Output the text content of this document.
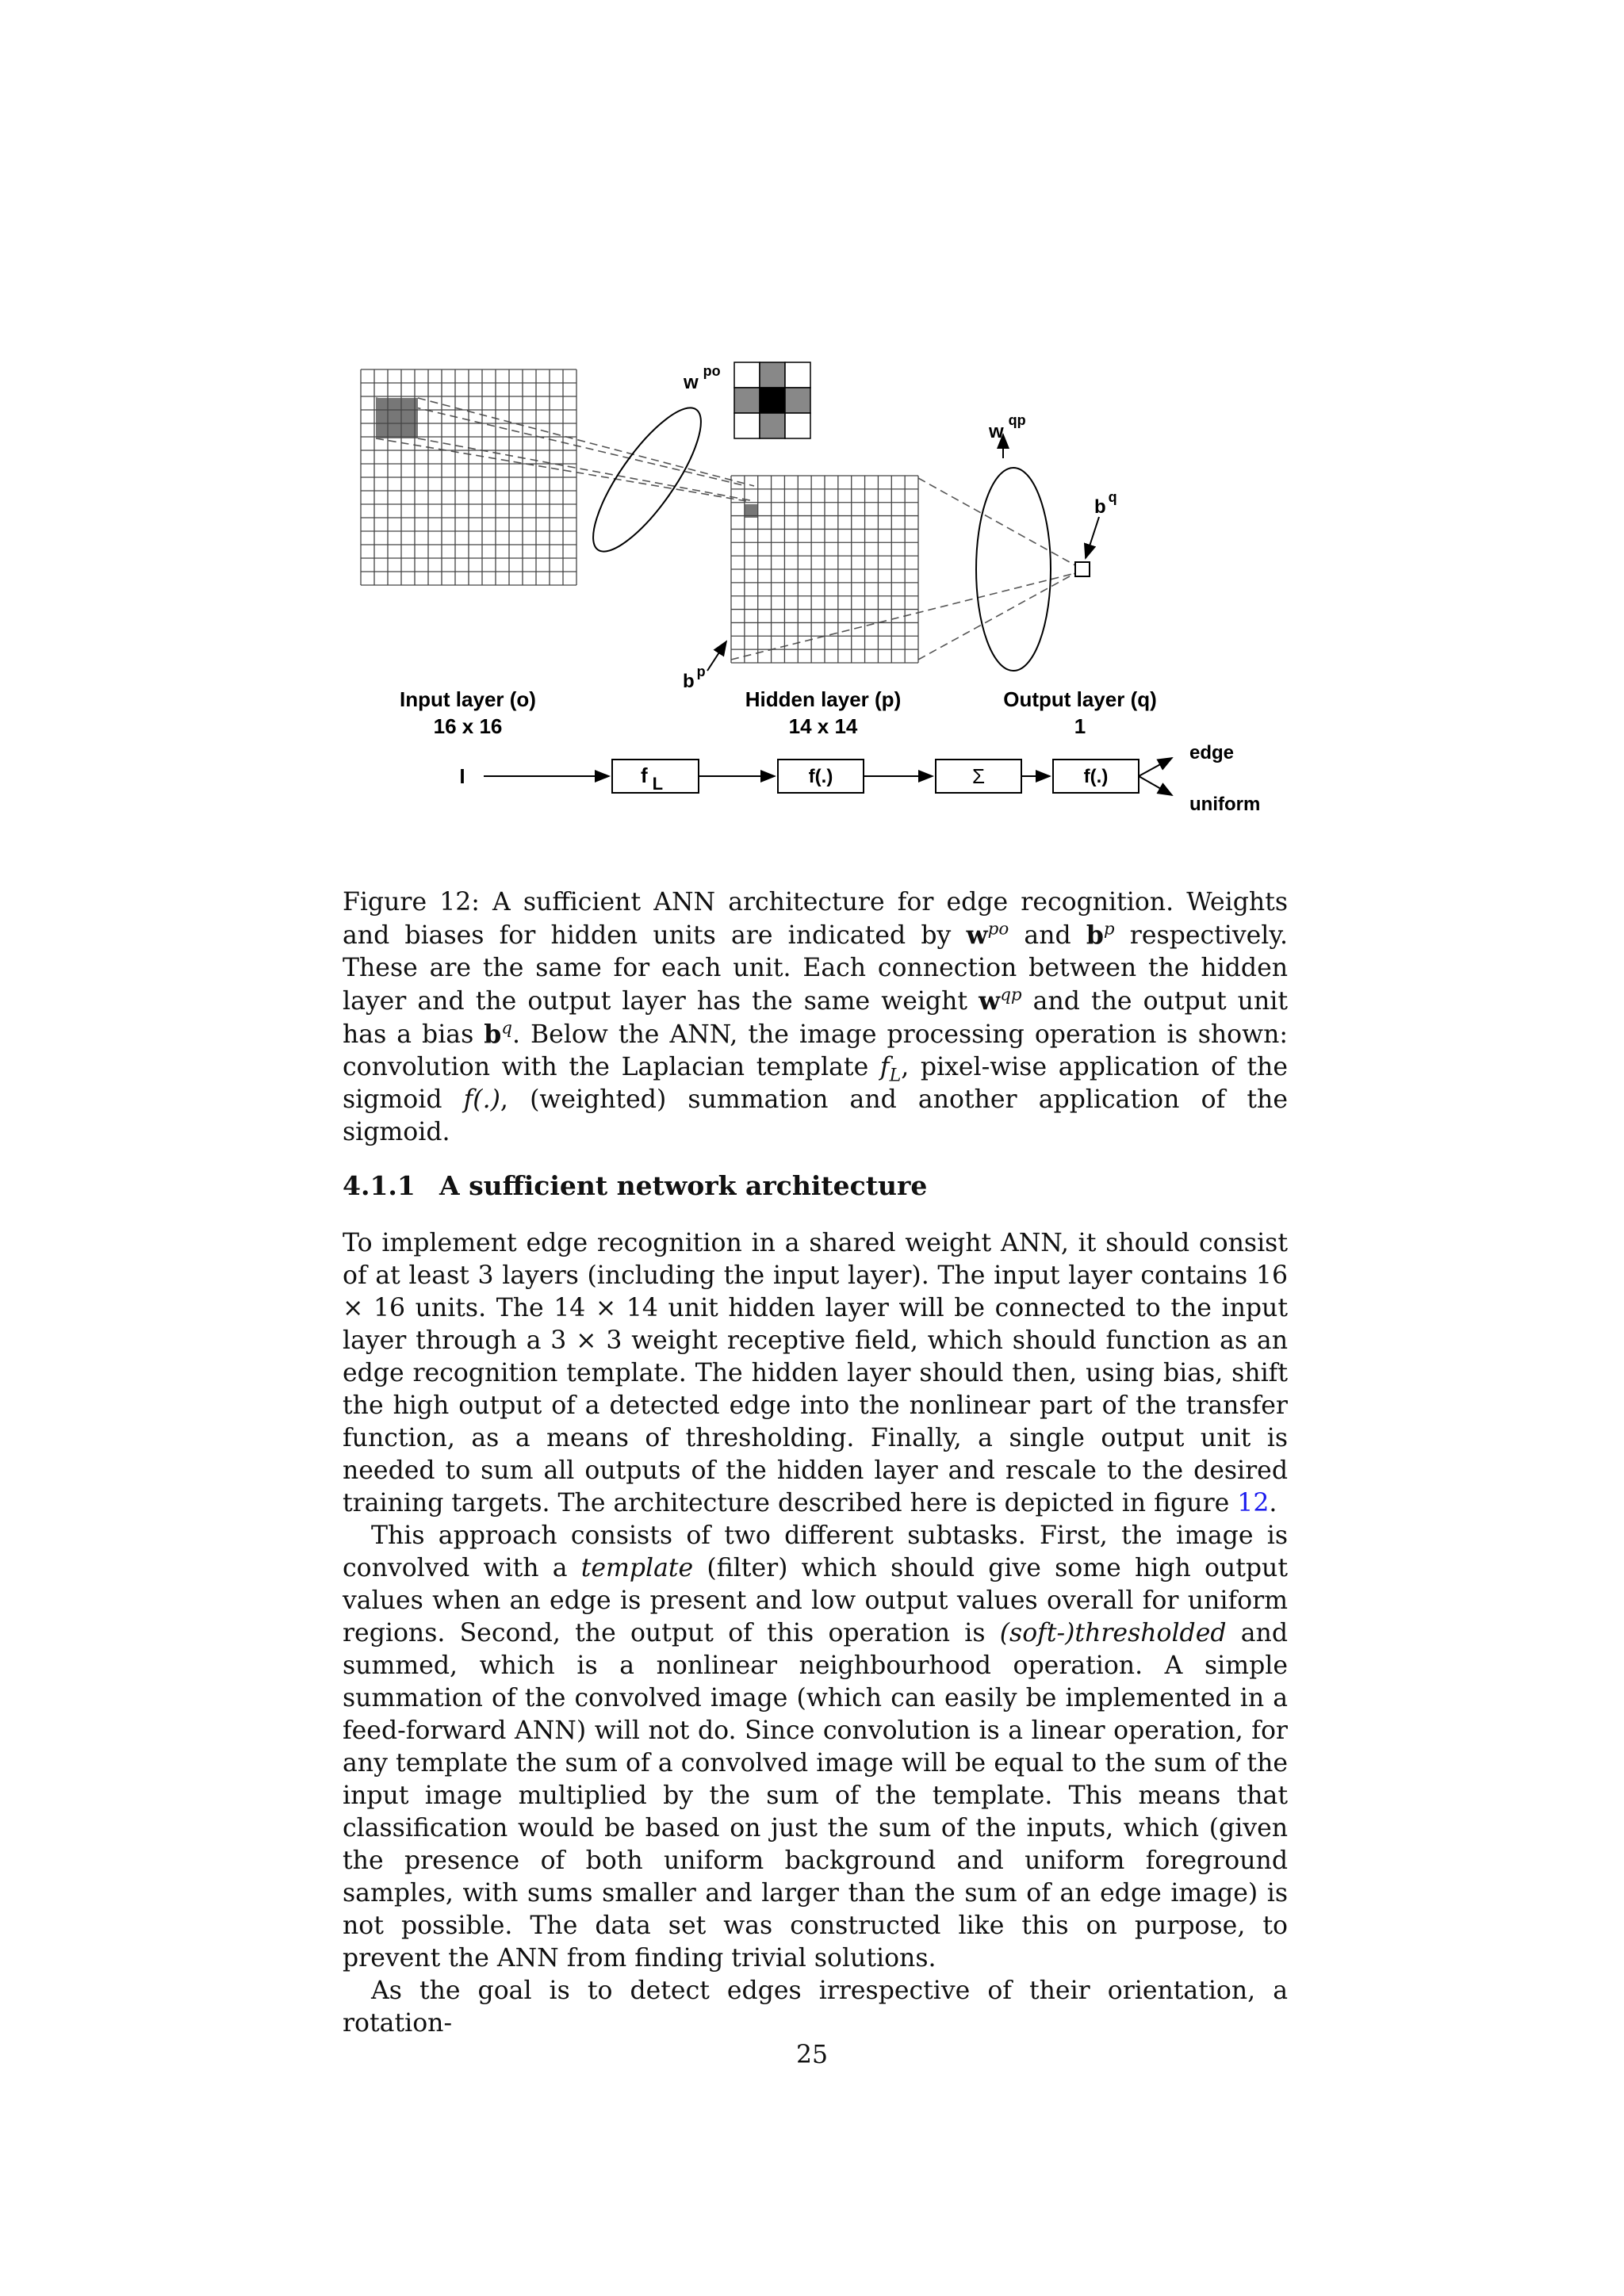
$w^{po}$
$w^{qp}$
b $^q$
b $^p$
Input layer (o)
16 x 16
Hidden layer (p)
14 x 14
Output layer (q)
1
I	f $_L$	f(.)	Σ	f(.)
edge
uniform

Figure 12: A sufficient ANN architecture for edge recognition. Weights and biases for hidden units are indicated by $w^{po}$ and $b^p$ respectively. These are the same for each unit. Each connection between the hidden layer and the output layer has the same weight $w^{qp}$ and the output unit has a bias $b^q$. Below the ANN, the image processing operation is shown: convolution with the Laplacian template $f_L$, pixel-wise application of the sigmoid f(.), (weighted) summation and another application of the sigmoid.

4.1.1 A sufficient network architecture

To implement edge recognition in a shared weight ANN, it should consist of at least 3 layers (including the input layer). The input layer contains 16 × 16 units. The 14 × 14 unit hidden layer will be connected to the input layer through a 3 × 3 weight receptive field, which should function as an edge recognition template. The hidden layer should then, using bias, shift the high output of a detected edge into the nonlinear part of the transfer function, as a means of thresholding. Finally, a single output unit is needed to sum all outputs of the hidden layer and rescale to the desired training targets. The architecture described here is depicted in figure 12.

This approach consists of two different subtasks. First, the image is convolved with a template (filter) which should give some high output values when an edge is present and low output values overall for uniform regions. Second, the output of this operation is (soft-)thresholded and summed, which is a nonlinear neighbourhood operation. A simple summation of the convolved image (which can easily be implemented in a feed-forward ANN) will not do. Since convolution is a linear operation, for any template the sum of a convolved image will be equal to the sum of the input image multiplied by the sum of the template. This means that classification would be based on just the sum of the inputs, which (given the presence of both uniform background and uniform foreground samples, with sums smaller and larger than the sum of an edge image) is not possible. The data set was constructed like this on purpose, to prevent the ANN from finding trivial solutions.

As the goal is to detect edges irrespective of their orientation, a rotation-

25
